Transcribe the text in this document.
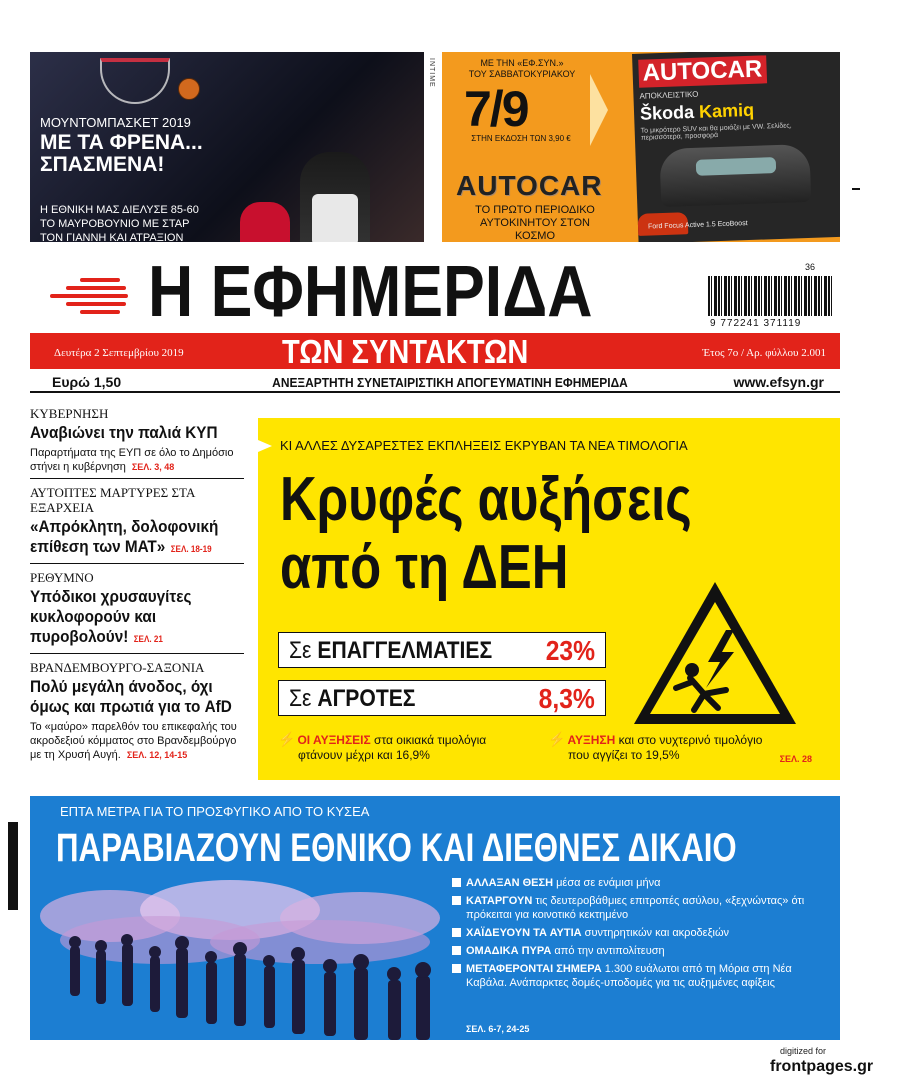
ΜΟΥΝΤΟΜΠΑΣΚΕΤ 2019
ΜΕ ΤΑ ΦΡΕΝΑ...
ΣΠΑΣΜΕΝΑ!
Η ΕΘΝΙΚΗ ΜΑΣ ΔΙΕΛΥΣΕ 85-60
ΤΟ ΜΑΥΡΟΒΟΥΝΙΟ ΜΕ ΣΤΑΡ
ΤΟΝ ΓΙΑΝΝΗ ΚΑΙ ΑΤΡΑΞΙΟΝ
INTIME	ΜΕ ΤΗΝ «ΕΦ.ΣΥΝ.»
ΤΟΥ ΣΑΒΒΑΤΟΚΥΡΙΑΚΟΥ
7/9
ΣΤΗΝ ΕΚΔΟΣΗ ΤΩΝ 3,90 €
AUTOCAR
ΤΟ ΠΡΩΤΟ ΠΕΡΙΟΔΙΚΟ
ΑΥΤΟΚΙΝΗΤΟΥ ΣΤΟΝ ΚΟΣΜΟ
AUTOCAR
ΑΠΟΚΛΕΙΣΤΙΚΟ
Škoda Kamiq
Το μικρότερο SUV και θα μοιάζει με VW. Σελίδες, περισσότερα, προσφορά
Ford Focus Active 1.5 EcoBoost
Η ΕΦΗΜΕΡΙΔΑ	36
9 772241 371119
Δευτέρα 2 Σεπτεμβρίου 2019	ΤΩΝ ΣΥΝΤΑΚΤΩΝ	Έτος 7ο / Αρ. φύλλου 2.001
Ευρώ 1,50	ΑΝΕΞΑΡΤΗΤΗ ΣΥΝΕΤΑΙΡΙΣΤΙΚΗ ΑΠΟΓΕΥΜΑΤΙΝΗ ΕΦΗΜΕΡΙΔΑ	www.efsyn.gr
ΚΥΒΕΡΝΗΣΗ
Αναβιώνει την παλιά ΚΥΠ
Παραρτήματα της ΕΥΠ σε όλο το Δημόσιο στήνει η κυβέρνηση ΣΕΛ. 3, 48
ΑΥΤΟΠΤΕΣ ΜΑΡΤΥΡΕΣ ΣΤΑ ΕΞΑΡΧΕΙΑ
«Απρόκλητη, δολοφονική επίθεση των ΜΑΤ» ΣΕΛ. 18-19
ΡΕΘΥΜΝΟ
Υπόδικοι χρυσαυγίτες κυκλοφορούν και πυροβολούν! ΣΕΛ. 21
ΒΡΑΝΔΕΜΒΟΥΡΓΟ-ΣΑΞΟΝΙΑ
Πολύ μεγάλη άνοδος, όχι όμως και πρωτιά για το AfD
Το «μαύρο» παρελθόν του επικεφαλής του ακροδεξιού κόμματος στο Βρανδεμβούργο με τη Χρυσή Αυγή. ΣΕΛ. 12, 14-15
ΚΙ ΑΛΛΕΣ ΔΥΣΑΡΕΣΤΕΣ ΕΚΠΛΗΞΕΙΣ ΕΚΡΥΒΑΝ ΤΑ ΝΕΑ ΤΙΜΟΛΟΓΙΑ
Κρυφές αυξήσεις
από τη ΔΕΗ
Σε ΕΠΑΓΓΕΛΜΑΤΙΕΣ 23%
Σε ΑΓΡΟΤΕΣ	8,3%
⚡ ΟΙ ΑΥΞΗΣΕΙΣ στα οικιακά τιμολόγια
φτάνουν μέχρι και 16,9%
⚡ ΑΥΞΗΣΗ και στο νυχτερινό τιμολόγιο
που αγγίζει το 19,5%	ΣΕΛ. 28
ΕΠΤΑ ΜΕΤΡΑ ΓΙΑ ΤΟ ΠΡΟΣΦΥΓΙΚΟ ΑΠΟ ΤΟ ΚΥΣΕΑ
ΠΑΡΑΒΙΑΖΟΥΝ ΕΘΝΙΚΟ ΚΑΙ ΔΙΕΘΝΕΣ ΔΙΚΑΙΟ
ΑΛΛΑΞΑΝ ΘΕΣΗ μέσα σε ενάμισι μήνα
ΚΑΤΑΡΓΟΥΝ τις δευτεροβάθμιες επιτροπές ασύλου, «ξεχνώντας» ότι πρόκειται για κοινοτικό κεκτημένο
ΧΑΪΔΕΥΟΥΝ ΤΑ ΑΥΤΙΑ συντηρητικών και ακροδεξιών
ΟΜΑΔΙΚΑ ΠΥΡΑ από την αντιπολίτευση
ΜΕΤΑΦΕΡΟΝΤΑΙ ΣΗΜΕΡΑ 1.300 ευάλωτοι από τη Μόρια στη Νέα Καβάλα. Ανάπαρκτες δομές-υποδομές για τις αυξημένες αφίξεις
ΣΕΛ. 6-7, 24-25
digitized for
frontpages.gr
